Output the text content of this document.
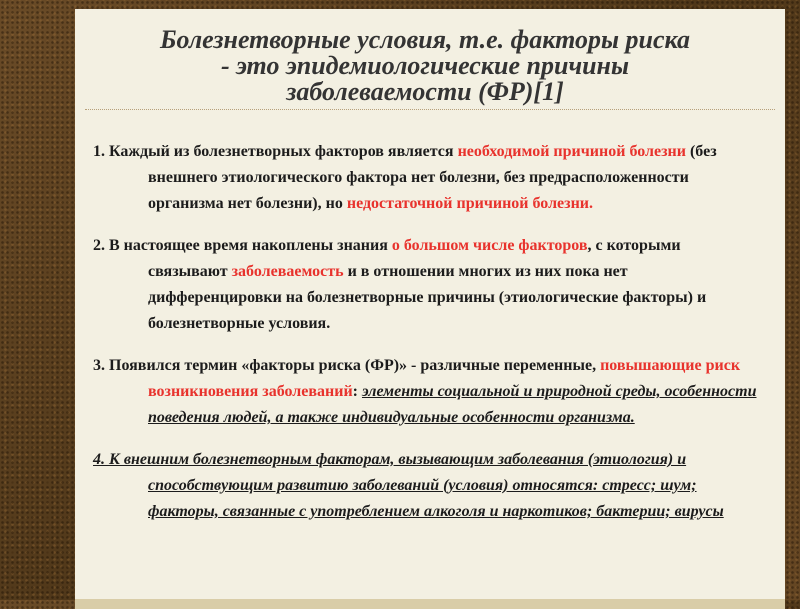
Болезнетворные условия, т.е. факторы риска
- это эпидемиологические причины
заболеваемости (ФР)[1]

1. Каждый из болезнетворных факторов является необходимой причиной болезни (без внешнего этиологического фактора нет болезни, без предрасположенности организма нет болезни), но недостаточной причиной болезни.

2. В настоящее время накоплены знания о большом числе факторов, с которыми связывают заболеваемость и в отношении многих из них пока нет дифференцировки на болезнетворные причины (этиологические факторы) и болезнетворные условия.

3. Появился термин «факторы риска (ФР)» - различные переменные, повышающие риск возникновения заболеваний: элементы социальной и природной среды, особенности поведения людей, а также индивидуальные особенности организма.

4. К внешним болезнетворным факторам, вызывающим заболевания (этиология) и способствующим развитию заболеваний (условия) относятся: стресс; шум; факторы, связанные с употреблением алкоголя и наркотиков; бактерии; вирусы
